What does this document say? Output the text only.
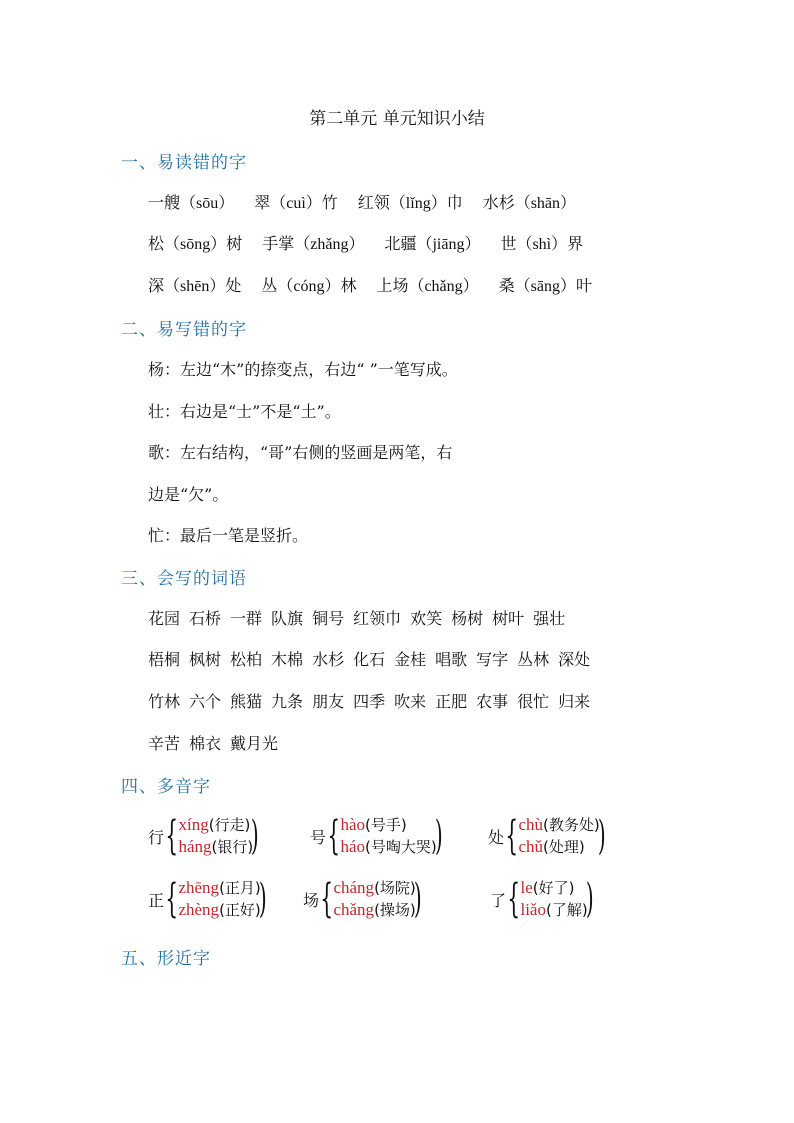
第二单元 单元知识小结
一、易读错的字
一艘（sōu） 翠（cuì）竹 红领（lǐng）巾 水杉（shān）
松（sōng）树 手掌（zhǎng） 北疆（jiāng） 世（shì）界
深（shēn）处 丛（cóng）林 上场（chǎng） 桑（sāng）叶
二、易写错的字
杨：左边“木”的捺变点，右边“ ”一笔写成。
壮：右边是“士”不是“土”。
歌：左右结构，“哥”右侧的竖画是两笔，右
边是“欠”。
忙：最后一笔是竖折。
三、会写的词语
花园 石桥 一群 队旗 铜号 红领巾 欢笑 杨树 树叶 强壮
梧桐 枫树 松柏 木棉 水杉 化石 金桂 唱歌 写字 丛林 深处
竹林 六个 熊猫 九条 朋友 四季 吹来 正肥 农事 很忙 归来
辛苦 棉衣 戴月光
四、多音字
行 { xíng(行走)
háng(银行)
)	号 { hào(号手)
háo(号啕大哭)
)	处 { chù(教务处)
chǔ(处理) )
正 { zhēng(正月)
zhèng(正好)
) 场 { cháng(场院)
chǎng(操场)
)	了 { le(好了)
liǎo(了解)
)
五、形近字
